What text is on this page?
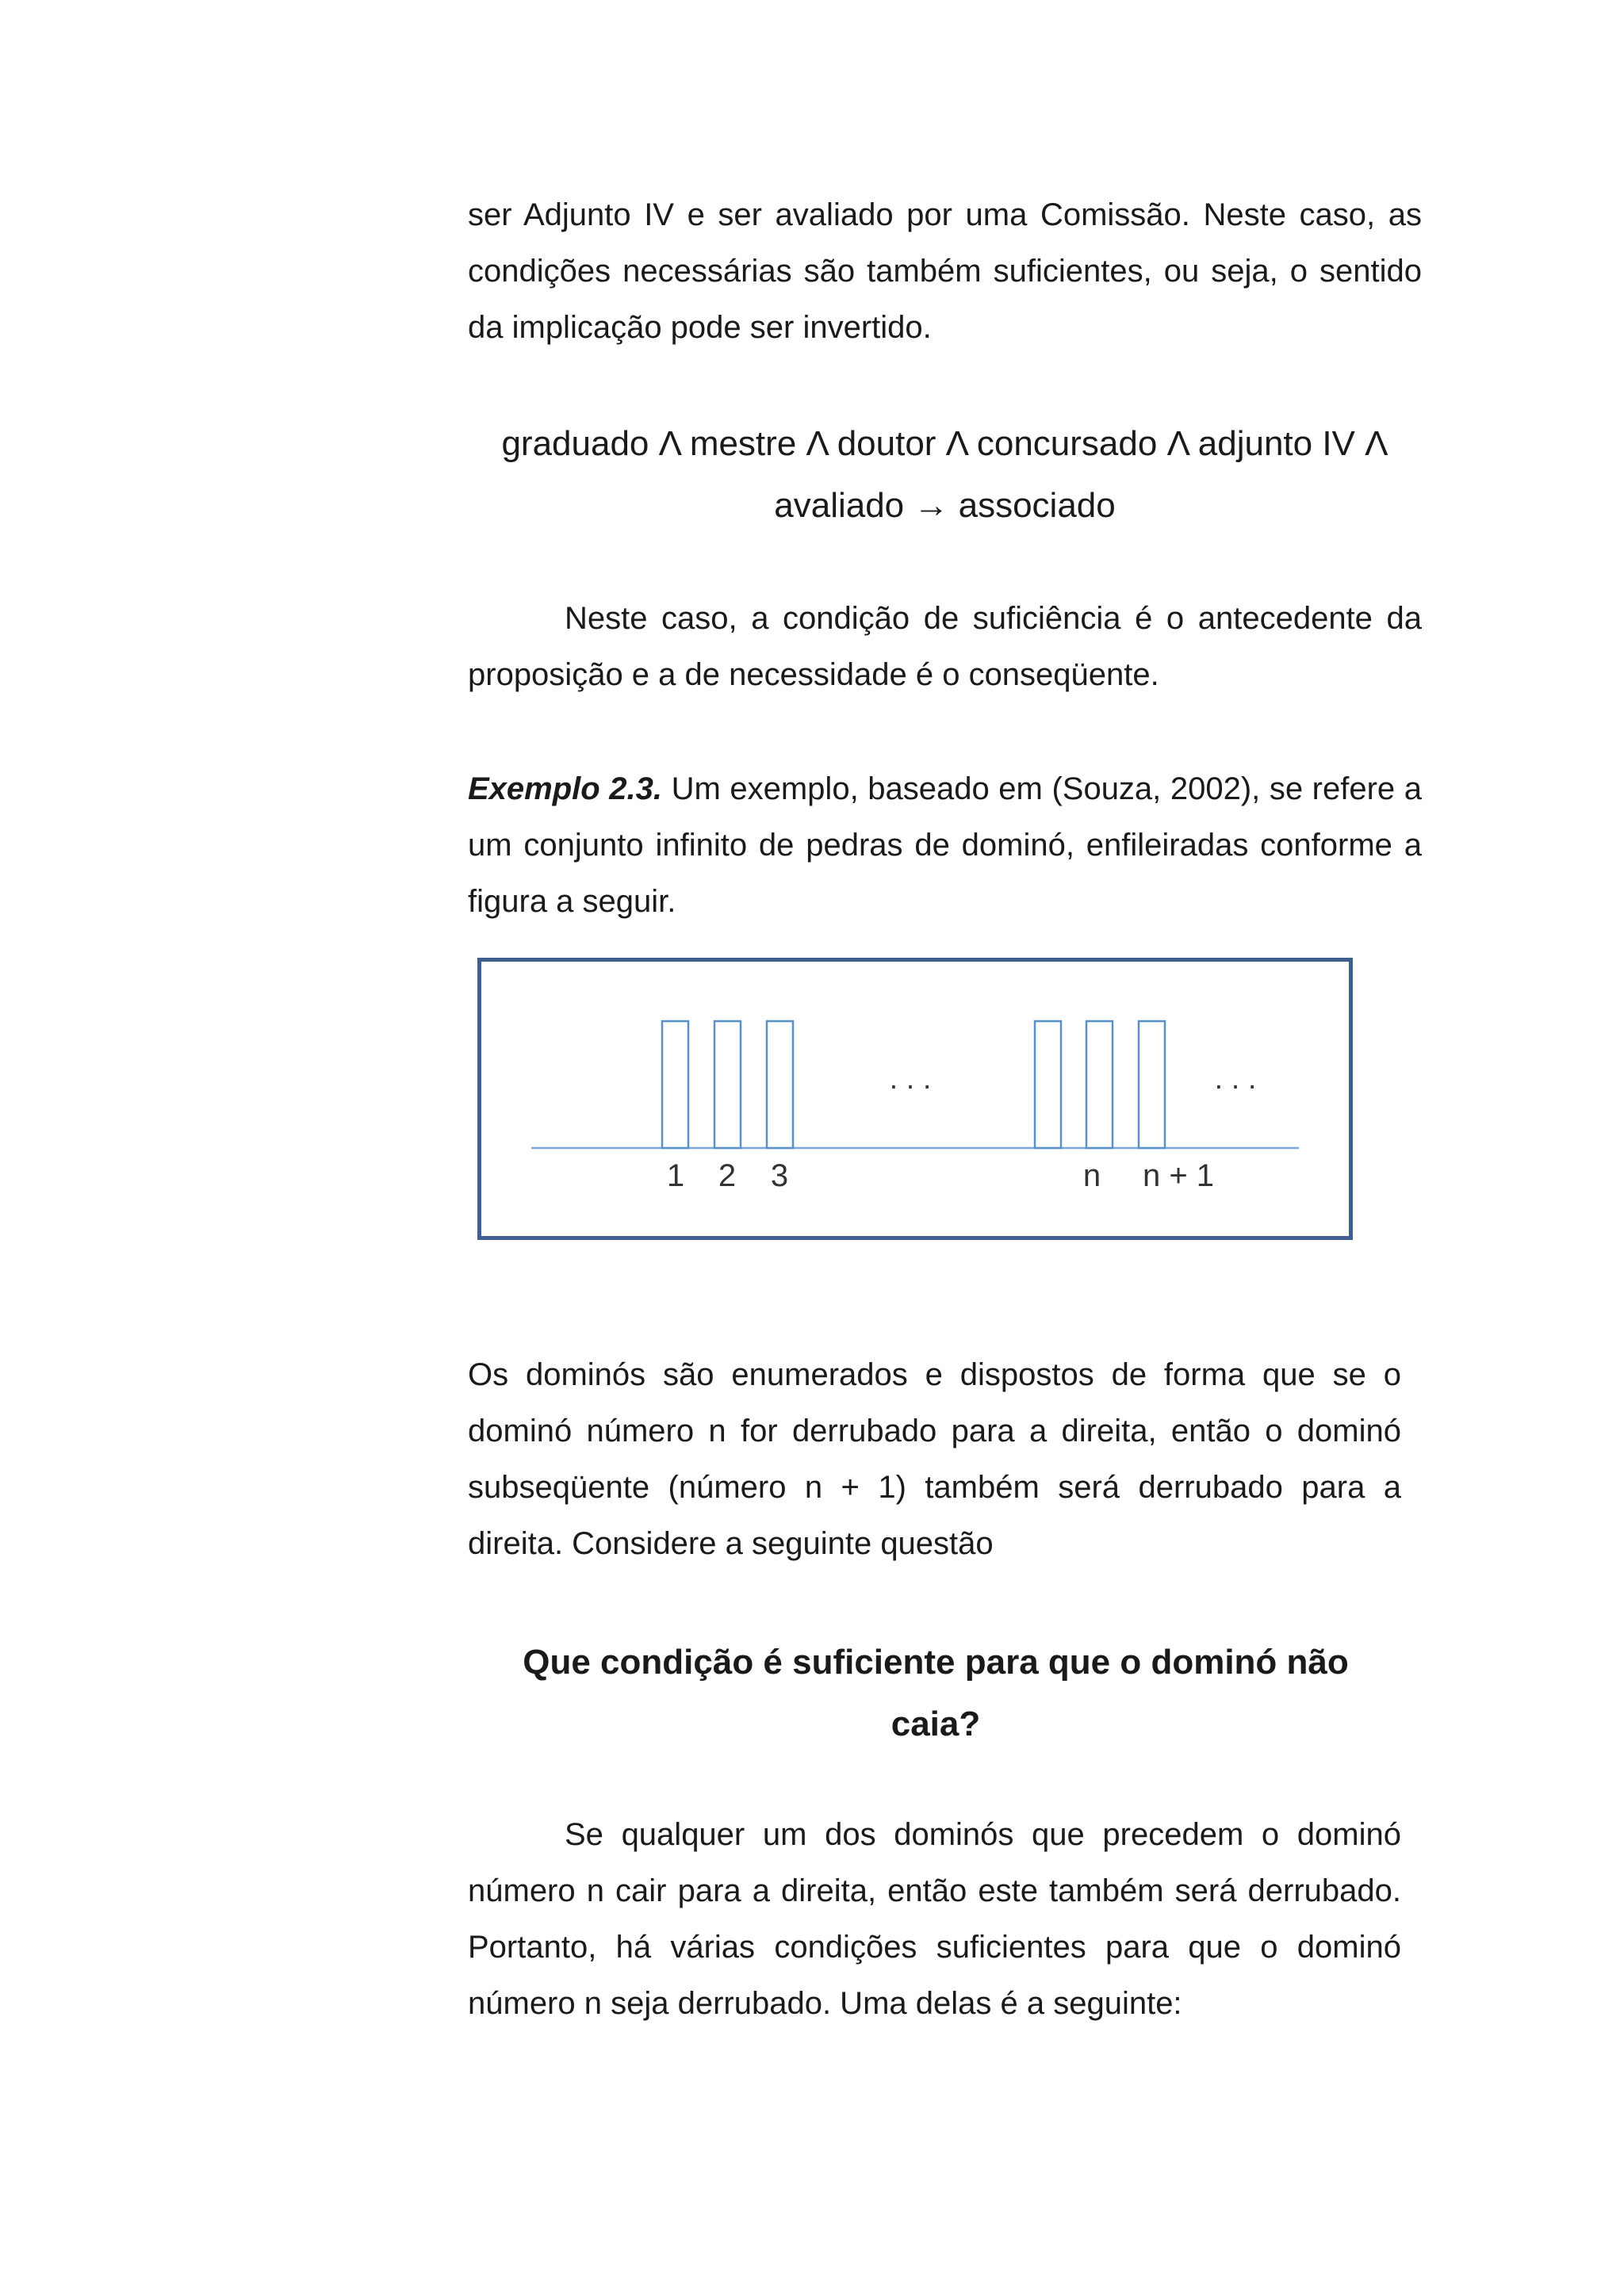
ser Adjunto IV e ser avaliado por uma Comissão. Neste caso, as condições necessárias são também suficientes, ou seja, o sentido da implicação pode ser invertido.

graduado Λ mestre Λ doutor Λ concursado Λ adjunto IV Λ
avaliado → associado

Neste caso, a condição de suficiência é o antecedente da proposição e a de necessidade é o conseqüente.

Exemplo 2.3. Um exemplo, baseado em (Souza, 2002), se refere a um conjunto infinito de pedras de dominó, enfileiradas conforme a figura a seguir.

. . .	. . .
1 2 3	n n + 1

Os dominós são enumerados e dispostos de forma que se o dominó número n for derrubado para a direita, então o dominó subseqüente (número n + 1) também será derrubado para a direita. Considere a seguinte questão

Que condição é suficiente para que o dominó não
caia?

Se qualquer um dos dominós que precedem o dominó número n cair para a direita, então este também será derrubado. Portanto, há várias condições suficientes para que o dominó número n seja derrubado. Uma delas é a seguinte:
